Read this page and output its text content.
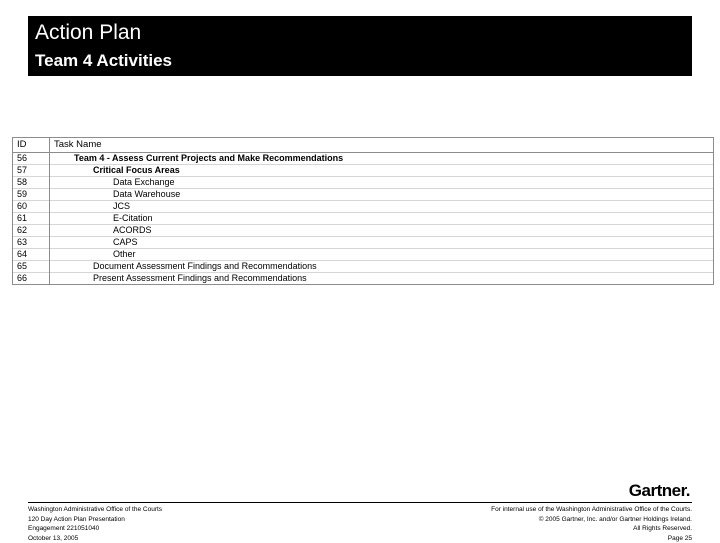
Action Plan
Team 4 Activities
ID	Task Name
56	Team 4 - Assess Current Projects and Make Recommendations
57	Critical Focus Areas
58	Data Exchange
59	Data Warehouse
60	JCS
61	E-Citation
62	ACORDS
63	CAPS
64	Other
65	Document Assessment Findings and Recommendations
66	Present Assessment Findings and Recommendations
Gartner.
Washington Administrative Office of the Courts
120 Day Action Plan Presentation
Engagement 221051040
October 13, 2005
For internal use of the Washington Administrative Office of the Courts.
© 2005 Gartner, Inc. and/or Gartner Holdings Ireland.
All Rights Reserved.
Page 25
